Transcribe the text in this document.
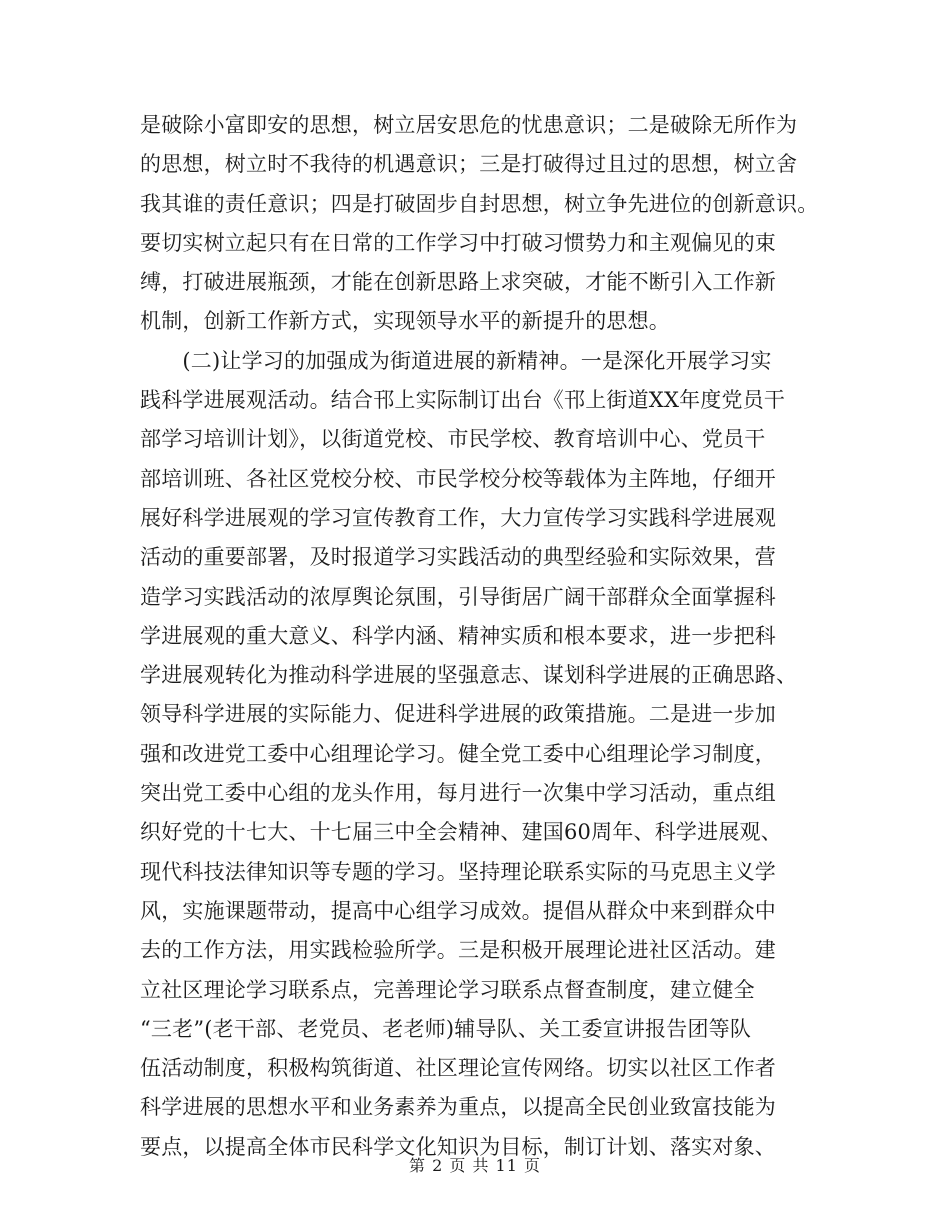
是破除小富即安的思想，树立居安思危的忧患意识；二是破除无所作为
的思想，树立时不我待的机遇意识；三是打破得过且过的思想，树立舍
我其谁的责任意识；四是打破固步自封思想，树立争先进位的创新意识。
要切实树立起只有在日常的工作学习中打破习惯势力和主观偏见的束
缚，打破进展瓶颈，才能在创新思路上求突破，才能不断引入工作新
机制，创新工作新方式，实现领导水平的新提升的思想。
　　(二)让学习的加强成为街道进展的新精神。一是深化开展学习实
践科学进展观活动。结合邗上实际制订出台《邗上街道XX年度党员干
部学习培训计划》，以街道党校、市民学校、教育培训中心、党员干
部培训班、各社区党校分校、市民学校分校等载体为主阵地，仔细开
展好科学进展观的学习宣传教育工作，大力宣传学习实践科学进展观
活动的重要部署，及时报道学习实践活动的典型经验和实际效果，营
造学习实践活动的浓厚舆论氛围，引导街居广阔干部群众全面掌握科
学进展观的重大意义、科学内涵、精神实质和根本要求，进一步把科
学进展观转化为推动科学进展的坚强意志、谋划科学进展的正确思路、
领导科学进展的实际能力、促进科学进展的政策措施。二是进一步加
强和改进党工委中心组理论学习。健全党工委中心组理论学习制度，
突出党工委中心组的龙头作用，每月进行一次集中学习活动，重点组
织好党的十七大、十七届三中全会精神、建国60周年、科学进展观、
现代科技法律知识等专题的学习。坚持理论联系实际的马克思主义学
风，实施课题带动，提高中心组学习成效。提倡从群众中来到群众中
去的工作方法，用实践检验所学。三是积极开展理论进社区活动。建
立社区理论学习联系点，完善理论学习联系点督查制度，建立健全
“三老”(老干部、老党员、老老师)辅导队、关工委宣讲报告团等队
伍活动制度，积极构筑街道、社区理论宣传网络。切实以社区工作者
科学进展的思想水平和业务素养为重点，以提高全民创业致富技能为
要点，以提高全体市民科学文化知识为目标，制订计划、落实对象、
第 2 页 共 11 页
